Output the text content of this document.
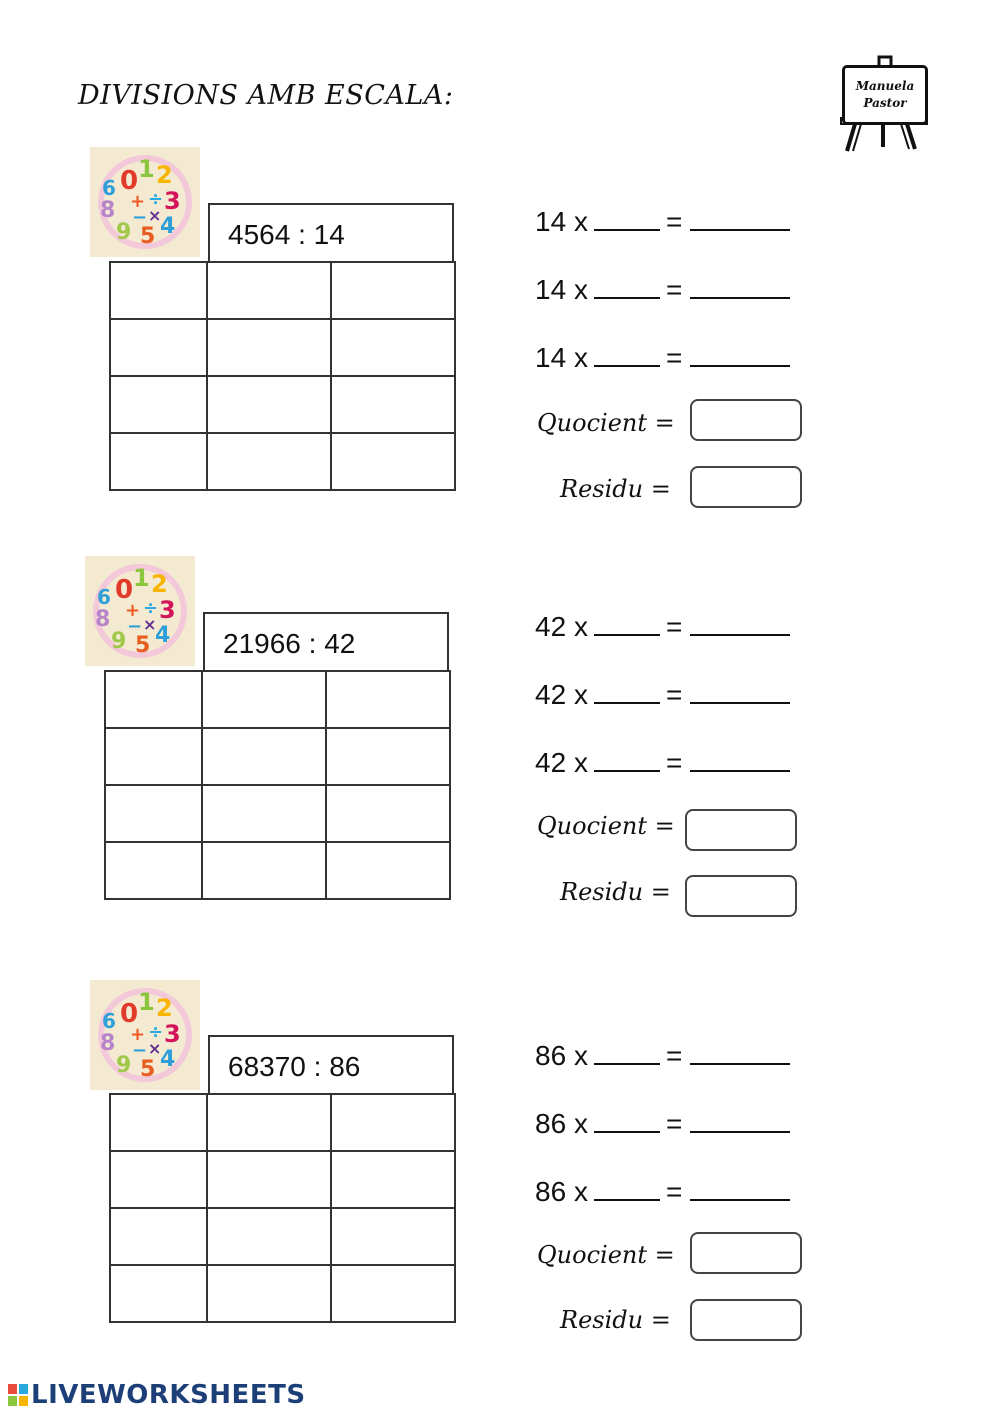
DIVISIONS AMB ESCALA:	Manuela
Pastor
0 1 2
3
4
5
9
8
6
+ ÷
− ×
4564 : 14

			14 x	=
14 x	=
14 x	=
Quocient =
Residu =
0 1 2
3
4
5
9
8
6
+ ÷
− ×
21966 : 42

42 x	=
42 x	=
42 x	=
Quocient =
Residu =
0 1 2
3
4
5
9
8
6
+ ÷
− ×
68370 : 86

			86 x	=
86 x	=
86 x	=
Quocient =
Residu =
LIVEWORKSHEETS
